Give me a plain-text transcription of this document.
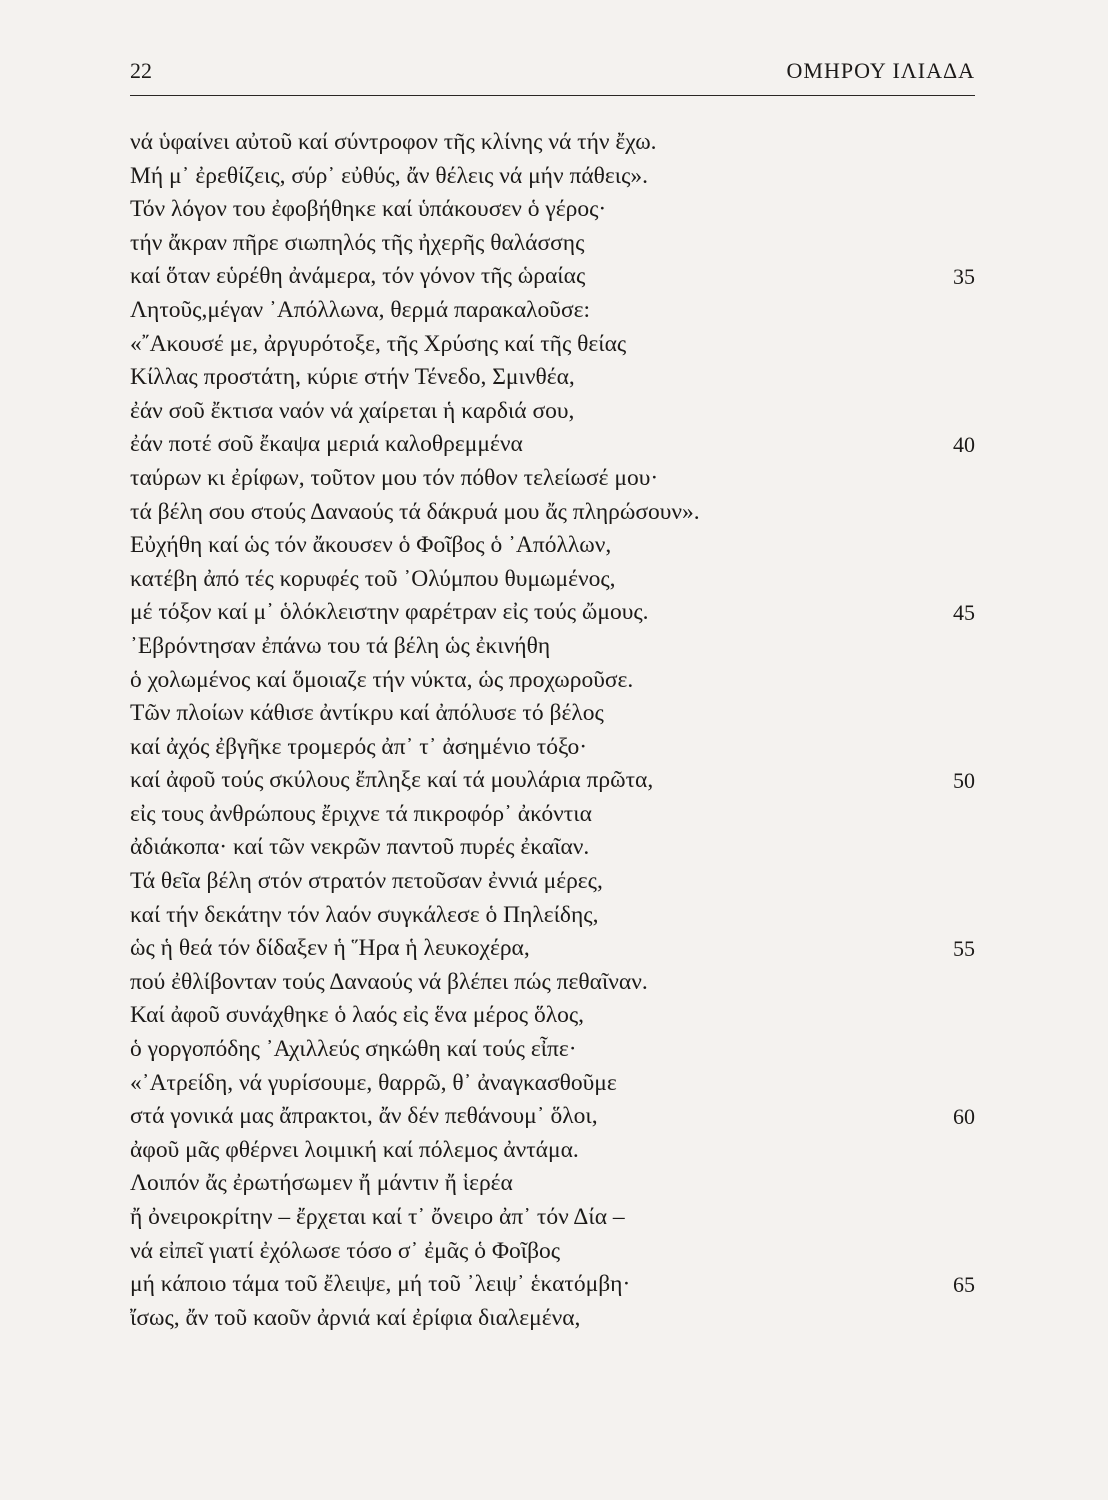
22	ΟΜΗΡΟΥ ΙΛΙΑΔΑ
νά ὑφαίνει αὐτοῦ καί σύντροφον τῆς κλίνης νά τήν ἔχω.
Μή μ᾿ ἐρεθίζεις, σύρ᾿ εὐθύς, ἄν θέλεις νά μήν πάθεις».
Τόν λόγον του ἐφοβήθηκε καί ὑπάκουσεν ὁ γέρος·
τήν ἄκραν πῆρε σιωπηλός τῆς ἠχερῆς θαλάσσης
καί ὅταν εὑρέθη ἀνάμερα, τόν γόνον τῆς ὡραίας	35
Λητοῦς,μέγαν ᾿Απόλλωνα, θερμά παρακαλοῦσε:
«῎Ακουσέ με, ἀργυρότοξε, τῆς Χρύσης καί τῆς θείας
Κίλλας προστάτη, κύριε στήν Τένεδο, Σμινθέα,
ἐάν σοῦ ἔκτισα ναόν νά χαίρεται ἡ καρδιά σου,
ἐάν ποτέ σοῦ ἔκαψα μεριά καλοθρεμμένα	40
ταύρων κι ἐρίφων, τοῦτον μου τόν πόθον τελείωσέ μου·
τά βέλη σου στούς Δαναούς τά δάκρυά μου ἄς πληρώσουν».
Εὐχήθη καί ὡς τόν ἄκουσεν ὁ Φοῖβος ὁ ᾿Απόλλων,
κατέβη ἀπό τές κορυφές τοῦ ᾿Ολύμπου θυμωμένος,
μέ τόξον καί μ᾿ ὁλόκλειστην φαρέτραν εἰς τούς ὤμους.	45
᾿Εβρόντησαν ἐπάνω του τά βέλη ὡς ἐκινήθη
ὁ χολωμένος καί ὅμοιαζε τήν νύκτα, ὡς προχωροῦσε.
Τῶν πλοίων κάθισε ἀντίκρυ καί ἀπόλυσε τό βέλος
καί ἀχός ἐβγῆκε τρομερός ἀπ᾿ τ᾿ ἀσημένιο τόξο·
καί ἀφοῦ τούς σκύλους ἔπληξε καί τά μουλάρια πρῶτα,	50
εἰς τους ἀνθρώπους ἔριχνε τά πικροφόρ᾿ ἀκόντια
ἀδιάκοπα· καί τῶν νεκρῶν παντοῦ πυρές ἐκαῖαν.
Τά θεῖα βέλη στόν στρατόν πετοῦσαν ἐννιά μέρες,
καί τήν δεκάτην τόν λαόν συγκάλεσε ὁ Πηλείδης,
ὡς ἡ θεά τόν δίδαξεν ἡ Ἥρα ἡ λευκοχέρα,	55
πού ἐθλίβονταν τούς Δαναούς νά βλέπει πώς πεθαῖναν.
Καί ἀφοῦ συνάχθηκε ὁ λαός εἰς ἕνα μέρος ὅλος,
ὁ γοργοπόδης ᾿Αχιλλεύς σηκώθη καί τούς εἶπε·
«᾿Ατρείδη, νά γυρίσουμε, θαρρῶ, θ᾿ ἀναγκασθοῦμε
στά γονικά μας ἄπρακτοι, ἄν δέν πεθάνουμ᾿ ὅλοι,	60
ἀφοῦ μᾶς φθέρνει λοιμική καί πόλεμος ἀντάμα.
Λοιπόν ἄς ἐρωτήσωμεν ἤ μάντιν ἤ ἱερέα
ἤ ὀνειροκρίτην – ἔρχεται καί τ᾿ ὄνειρο ἀπ᾿ τόν Δία –
νά εἰπεῖ γιατί ἐχόλωσε τόσο σ᾿ ἐμᾶς ὁ Φοῖβος
μή κάποιο τάμα τοῦ ἔλειψε, μή τοῦ ᾿λειψ᾿ ἑκατόμβη·	65
ἴσως, ἄν τοῦ καοῦν ἀρνιά καί ἐρίφια διαλεμένα,
